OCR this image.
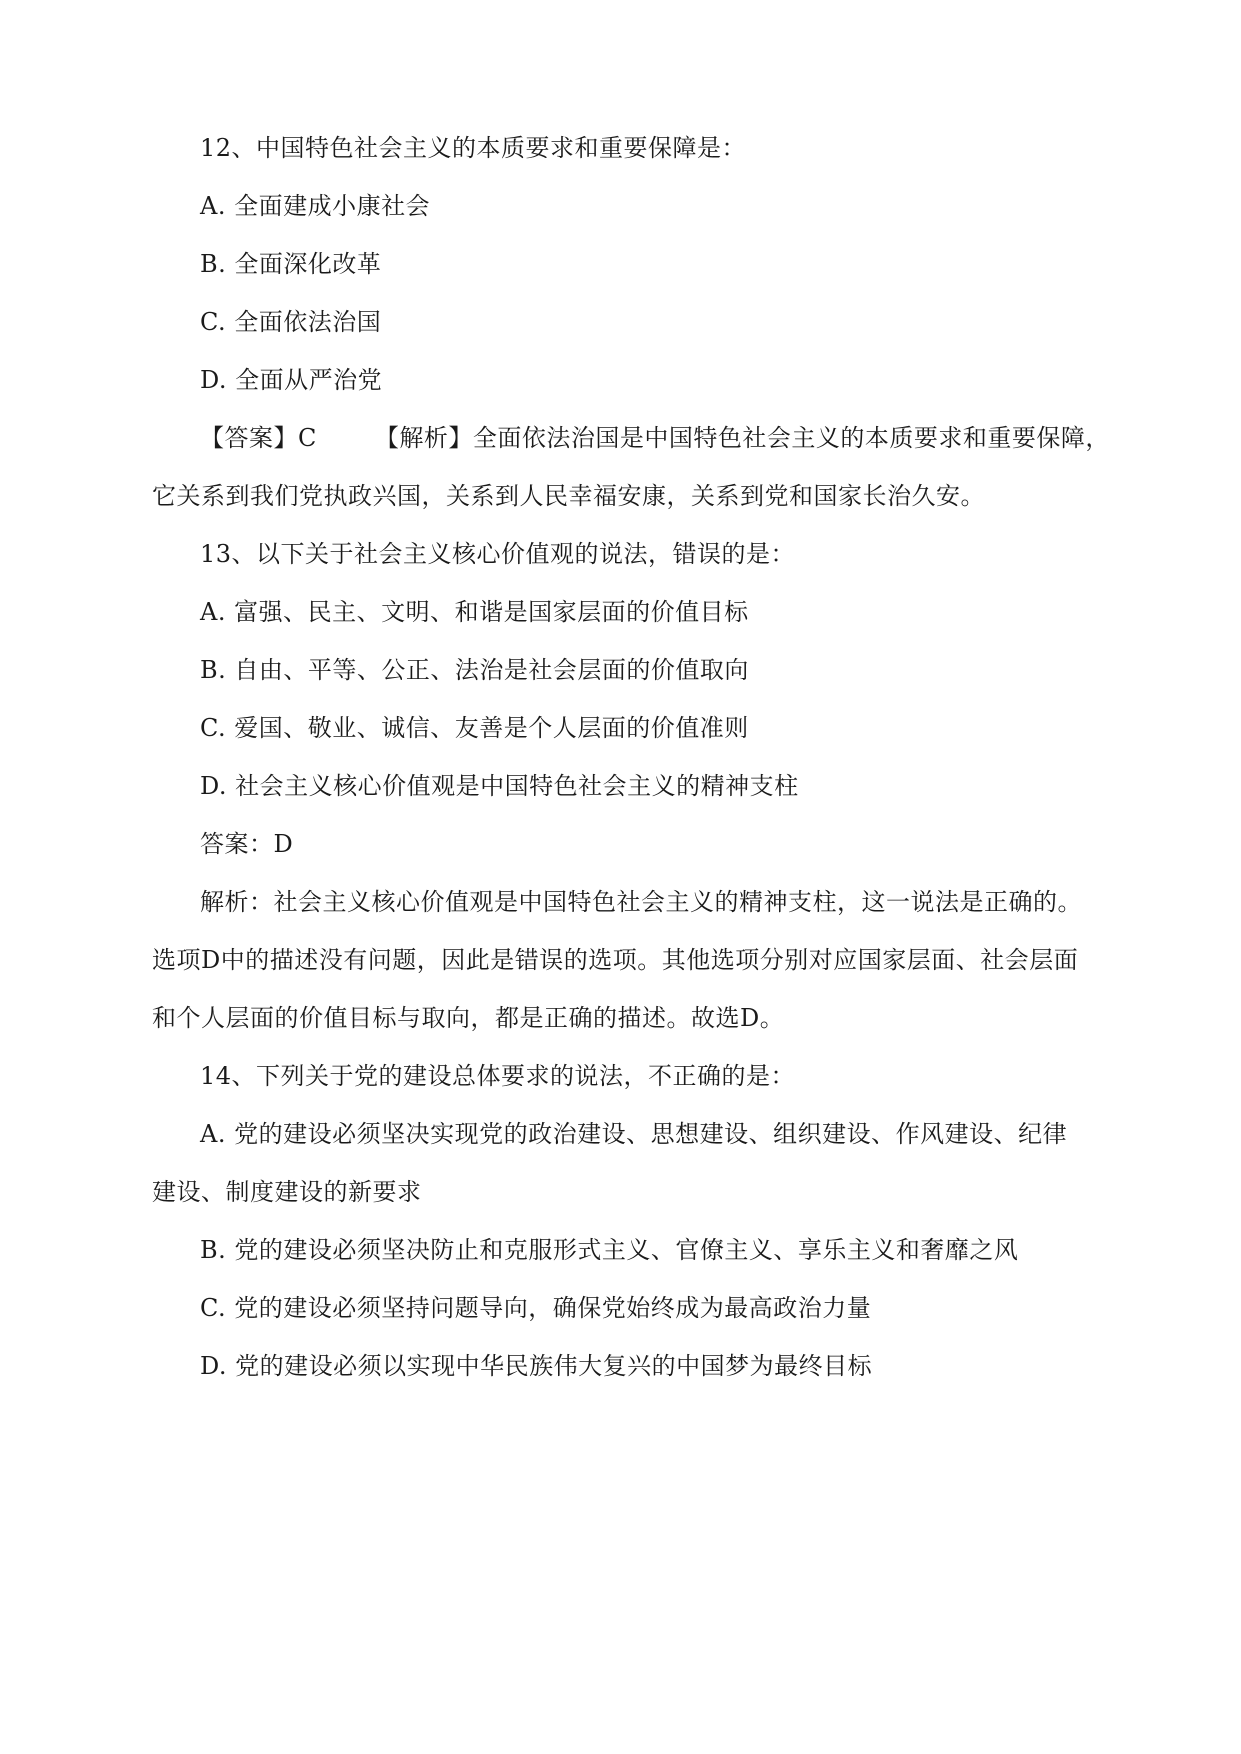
12、中国特色社会主义的本质要求和重要保障是：
A. 全面建成小康社会
B. 全面深化改革
C. 全面依法治国
D. 全面从严治党
【答案】C 【解析】全面依法治国是中国特色社会主义的本质要求和重要保障，
它关系到我们党执政兴国，关系到人民幸福安康，关系到党和国家长治久安。
13、以下关于社会主义核心价值观的说法，错误的是：
A. 富强、民主、文明、和谐是国家层面的价值目标
B. 自由、平等、公正、法治是社会层面的价值取向
C. 爱国、敬业、诚信、友善是个人层面的价值准则
D. 社会主义核心价值观是中国特色社会主义的精神支柱
答案：D
解析：社会主义核心价值观是中国特色社会主义的精神支柱，这一说法是正确的。
选项D中的描述没有问题，因此是错误的选项。其他选项分别对应国家层面、社会层面
和个人层面的价值目标与取向，都是正确的描述。故选D。
14、下列关于党的建设总体要求的说法，不正确的是：
A. 党的建设必须坚决实现党的政治建设、思想建设、组织建设、作风建设、纪律
建设、制度建设的新要求
B. 党的建设必须坚决防止和克服形式主义、官僚主义、享乐主义和奢靡之风
C. 党的建设必须坚持问题导向，确保党始终成为最高政治力量
D. 党的建设必须以实现中华民族伟大复兴的中国梦为最终目标
